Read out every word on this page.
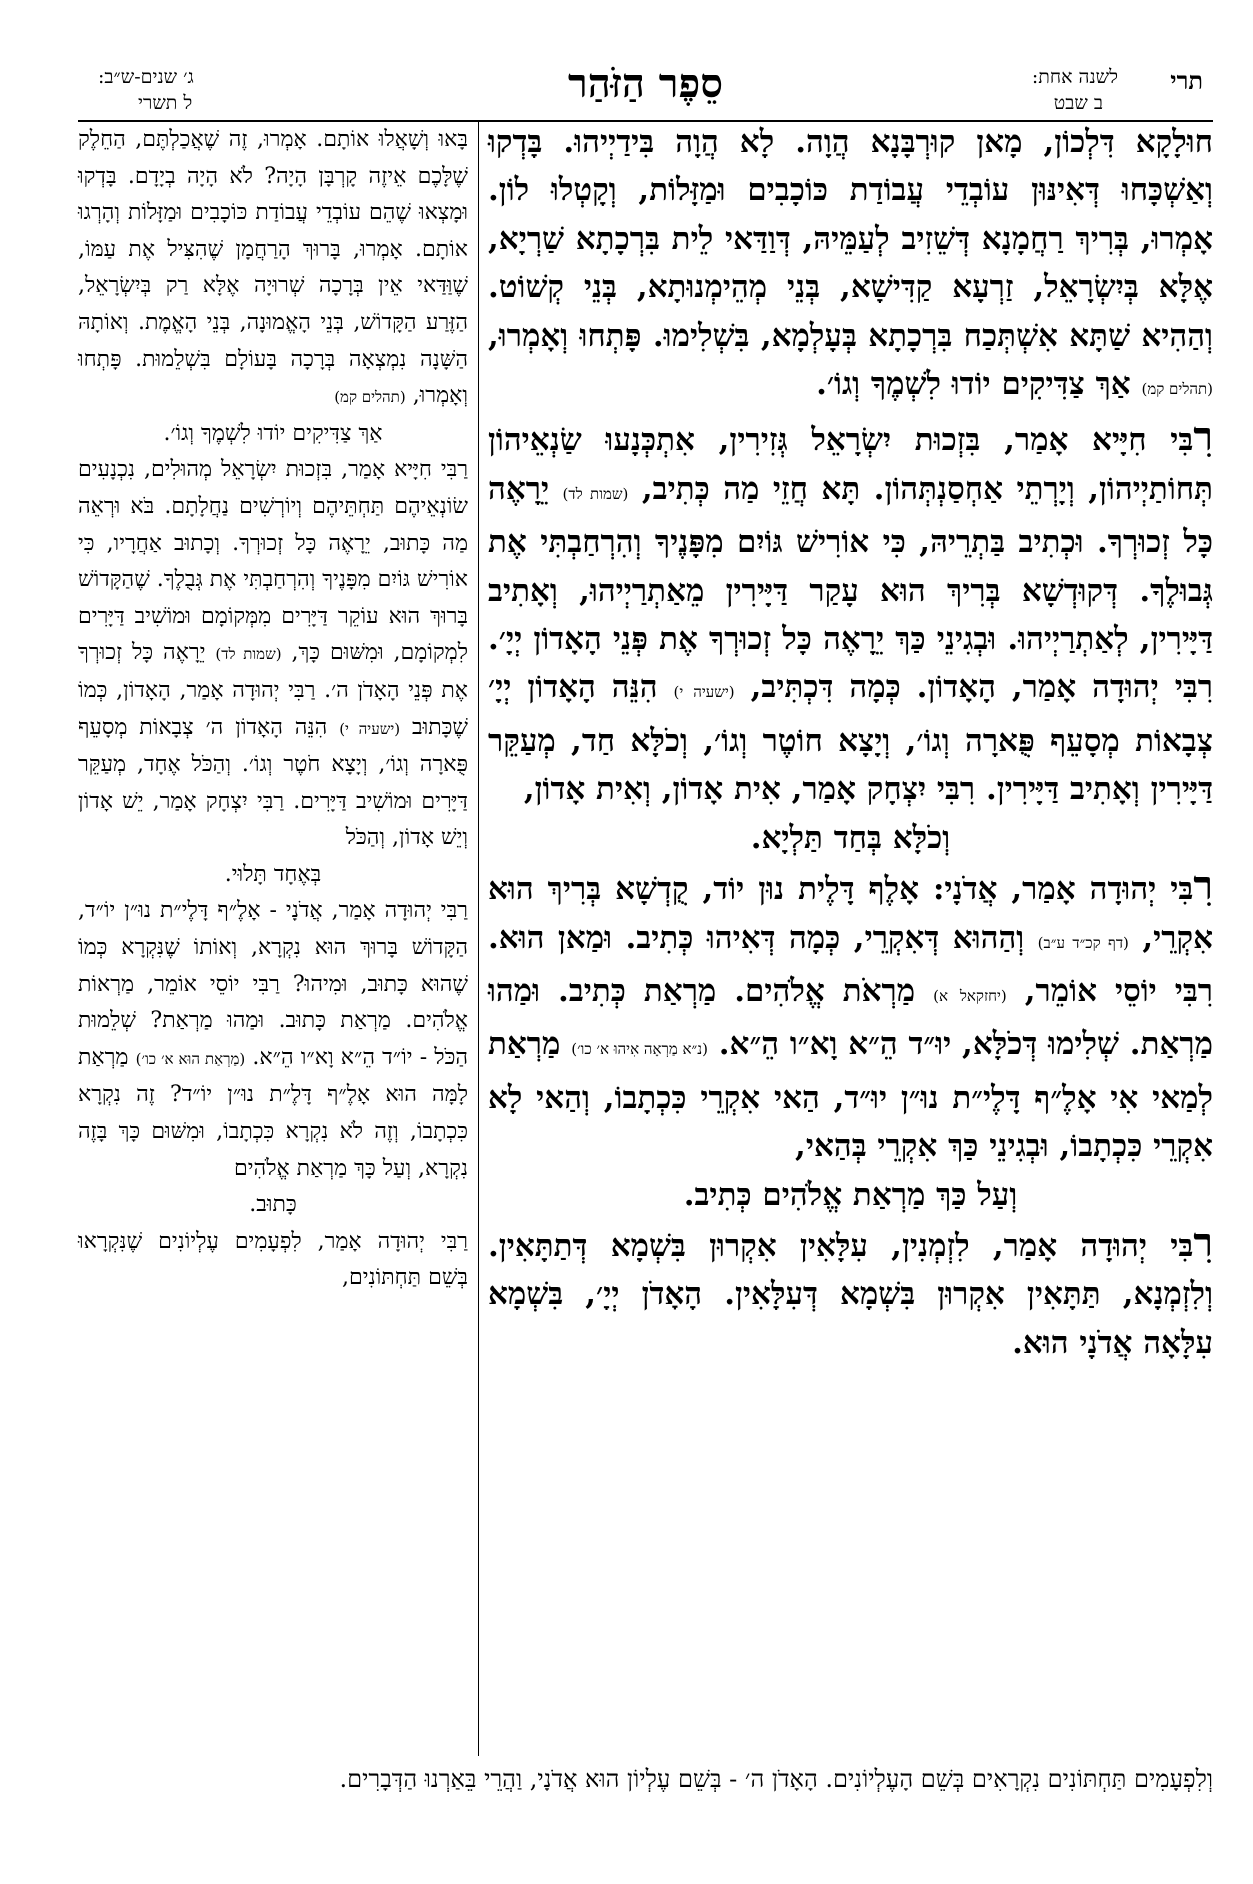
תרי
לשנה אחת:
ב שבט
סֵפֶר הַזֹּהַר
ג׳ שנים-ש״ב:
ל תשרי

חוּלָקָא דִּלְכוֹן, מָאן קוּרְבָּנָא הֲוָה. לָא הֲוָה בִּידַיְיהוּ. בָּדְקוּ וְאַשְׁכָּחוּ דְּאִינּוּן עוֹבְדֵי עֲבוֹדַת כּוֹכָבִים וּמַזָּלוֹת, וְקָטְלוּ לוֹן. אָמְרוּ, בְּרִיךְ רַחֲמָנָא דְּשֵׁזִיב לְעַמֵּיהּ, דְּוַדַּאי לֵית בִּרְכָתָא שַׁרְיָא, אֶלָּא בְּיִשְׂרָאֵל, זַרְעָא קַדִּישָׁא, בְּנֵי מְהֵימְנוּתָא, בְּנֵי קְשׁוֹט. וְהַהִיא שַׁתָּא אִשְׁתְּכַח בִּרְכָתָא בְּעָלְמָא, בִּשְׁלִימוּ. פָּתְחוּ וְאָמְרוּ, (תהלים קמ) אַךְ צַדִּיקִים יוֹדוּ לִשְׁמֶךָ וְגוֹ׳.

רִבִּי חִיָּיא אָמַר, בִּזְכוּת יִשְׂרָאֵל גְּזִירִין, אִתְכְּנָעוּ שַׂנְאֵיהוֹן תְּחוֹתַיְיהוֹן, וְיָרְתֵי אַחְסַנְתְּהוֹן. תָּא חֲזֵי מַה כְּתִיב, (שמות לד) יֵרָאֶה כָּל זְכוּרְךָ. וּכְתִיב בַּתְרֵיהּ, כִּי אוֹרִישׁ גּוֹיִם מִפָּנֶיךָ וְהִרְחַבְתִּי אֶת גְּבוּלֶךָ. דְּקוּדְשָׁא בְּרִיךְ הוּא עָקַר דַּיָּירִין מֵאַתְרַיְיהוּ, וְאָתִיב דַּיָּירִין, לְאַתְרַיְיהוּ. וּבְגִינֵי כַּךְ יֵרָאֶה כָּל זְכוּרְךָ אֶת פְּנֵי הָאָדוֹן יְיָ׳. רִבִּי יְהוּדָה אָמַר, הָאָדוֹן. כְּמָה דִּכְתִּיב, (ישעיה י) הִנֵּה הָאָדוֹן יְיָ׳ צְבָאוֹת מְסָעֵף פֻּארָה וְגוֹ׳, וְיָצָא חוֹטֶר וְגוֹ׳, וְכֹלָּא חַד, מְעַקֵּר דַּיָּירִין וְאָתִיב דַּיָּירִין. רִבִּי יִצְחָק אָמַר, אִית אָדוֹן, וְאִית אָדוֹן,

וְכֹלָּא בְּחַד תַּלְיָא.

רִבִּי יְהוּדָה אָמַר, אֲדֹנָי: אָלֶף דָּלֶית נוּן יוֹד, קֻדְשָׁא בְּרִיךְ הוּא אִקְרֵי, (דף קכ״ד ע״ב) וְהַהוּא דְּאִקְרֵי, כְּמָה דְּאִיהוּ כְּתִיב. וּמַאן הוּא. רִבִּי יוֹסֵי אוֹמֵר, (יחזקאל א) מַרְאֹת אֱלֹהִים. מַרְאַת כְּתִיב. וּמַהוּ מַרְאַת. שְׁלִימוּ דְּכֹלָּא, יוּ״ד הֵ״א וָא״ו הֵ״א. (נ״א מַרְאָה אִיהוּ א׳ כו׳) מַרְאַת לְמַאי אִי אָלֶ״ף דָּלֶי״ת נוּ״ן יוּ״ד, הַאי אִקְרֵי כִּכְתָבוֹ, וְהַאי לָא אִקְרֵי כִּכְתָבוֹ, וּבְגִינֵי כַּךְ אִקְרֵי בְּהַאי,

וְעַל כַּךְ מַרְאַת אֱלֹהִים כְּתִיב.

רִבִּי יְהוּדָה אָמַר, לִזְמְנִין, עִלָּאִין אִקְרוּן בִּשְׁמָא דְּתַתָּאִין. וְלִזְמְנָא, תַּתָּאִין אִקְרוּן בִּשְׁמָא דְּעִלָּאִין. הָאָדֹן יְיָ׳, בִּשְׁמָא עִלָּאָה אֲדֹנָי הוּא.

בָּאוּ וְשָׁאֲלוּ אוֹתָם. אָמְרוּ, זֶה שֶׁאֲכַלְתֶּם, הַחֵלֶק שֶׁלָּכֶם אֵיזֶה קָרְבָּן הָיָה? לֹא הָיָה בְיָדָם. בָּדְקוּ וּמָצְאוּ שֶׁהֵם עוֹבְדֵי עֲבוֹדַת כּוֹכָבִים וּמַזָּלוֹת וְהָרְגוּ אוֹתָם. אָמְרוּ, בָּרוּךְ הָרַחֲמָן שֶׁהִצִּיל אֶת עַמּוֹ, שֶׁוַּדַּאי אֵין בְּרָכָה שְׁרוּיָה אֶלָּא רַק בְּיִשְׂרָאֵל, הַזֶּרַע הַקָּדוֹשׁ, בְּנֵי הָאֱמוּנָה, בְּנֵי הָאֱמֶת. וְאוֹתָהּ הַשָּׁנָה נִמְצְאָה בְּרָכָה בָּעוֹלָם בִּשְׁלֵמוּת. פָּתְחוּ וְאָמְרוּ, (תהלים קמ)

אַךְ צַדִּיקִים יוֹדוּ לִשְׁמֶךָ וְגוֹ׳.

רַבִּי חִיָּיא אָמַר, בִּזְכוּת יִשְׂרָאֵל מְהוּלִים, נִכְנָעִים שׂוֹנְאֵיהֶם תַּחְתֵּיהֶם וְיוֹרְשִׁים נַחֲלָתָם. בֹּא וּרְאֵה מַה כָּתוּב, יֵרָאֶה כָּל זְכוּרְךָ. וְכָתוּב אַחֲרָיו, כִּי אוֹרִישׁ גּוֹיִם מִפָּנֶיךָ וְהִרְחַבְתִּי אֶת גְּבֻלֶךָ. שֶׁהַקָּדוֹשׁ בָּרוּךְ הוּא עוֹקֵר דַּיָּרִים מִמְּקוֹמָם וּמוֹשִׁיב דַּיָּרִים לִמְקוֹמָם, וּמִשּׁוּם כָּךְ, (שמות לד) יֵרָאֶה כָּל זְכוּרְךָ אֶת פְּנֵי הָאָדֹן ה׳. רַבִּי יְהוּדָה אָמַר, הָאָדוֹן, כְּמוֹ שֶׁכָּתוּב (ישעיה י) הִנֵּה הָאָדוֹן ה׳ צְבָאוֹת מְסָעֵף פֻּארָה וְגוֹ׳, וְיָצָא חֹטֶר וְגוֹ׳. וְהַכֹּל אֶחָד, מְעַקֵּר דַּיָּרִים וּמוֹשִׁיב דַּיָּרִים. רַבִּי יִצְחָק אָמַר, יֵשׁ אָדוֹן וְיֵשׁ אָדוֹן, וְהַכֹּל

בְּאֶחָד תָּלוּי.

רַבִּי יְהוּדָה אָמַר, אֲדֹנָי - אָלֶ״ף דָּלֶי״ת נוּ״ן יוֹ״ד, הַקָּדוֹשׁ בָּרוּךְ הוּא נִקְרָא, וְאוֹתוֹ שֶׁנִּקְרָא כְּמוֹ שֶׁהוּא כָּתוּב, וּמִיהוּ? רַבִּי יוֹסֵי אוֹמֵר, מַרְאוֹת אֱלֹהִים. מַרְאַת כָּתוּב. וּמַהוּ מַרְאַת? שְׁלֵמוּת הַכֹּל - יוֹ״ד הֵ״א וָא״ו הֵ״א. (מַרְאַת הוּא א׳ כו׳) מַרְאַת לָמָּה הוּא אָלֶ״ף דָּלֶ״ת נוּ״ן יוֹ״ד? זֶה נִקְרָא כִּכְתָבוֹ, וְזֶה לֹא נִקְרָא כִּכְתָבוֹ, וּמִשּׁוּם כָּךְ בָּזֶה נִקְרָא, וְעַל כָּךְ מַרְאַת אֱלֹהִים

כָּתוּב.

רַבִּי יְהוּדָה אָמַר, לִפְעָמִים עֶלְיוֹנִים שֶׁנִּקְרָאוּ בְּשֵׁם תַּחְתּוֹנִים,

וְלִפְעָמִים תַּחְתּוֹנִים נִקְרָאִים בְּשֵׁם הָעֶלְיוֹנִים. הָאָדֹן ה׳ - בְּשֵׁם עֶלְיוֹן הוּא אֲדֹנָי, וַהֲרֵי בֵּאַרְנוּ הַדְּבָרִים.
